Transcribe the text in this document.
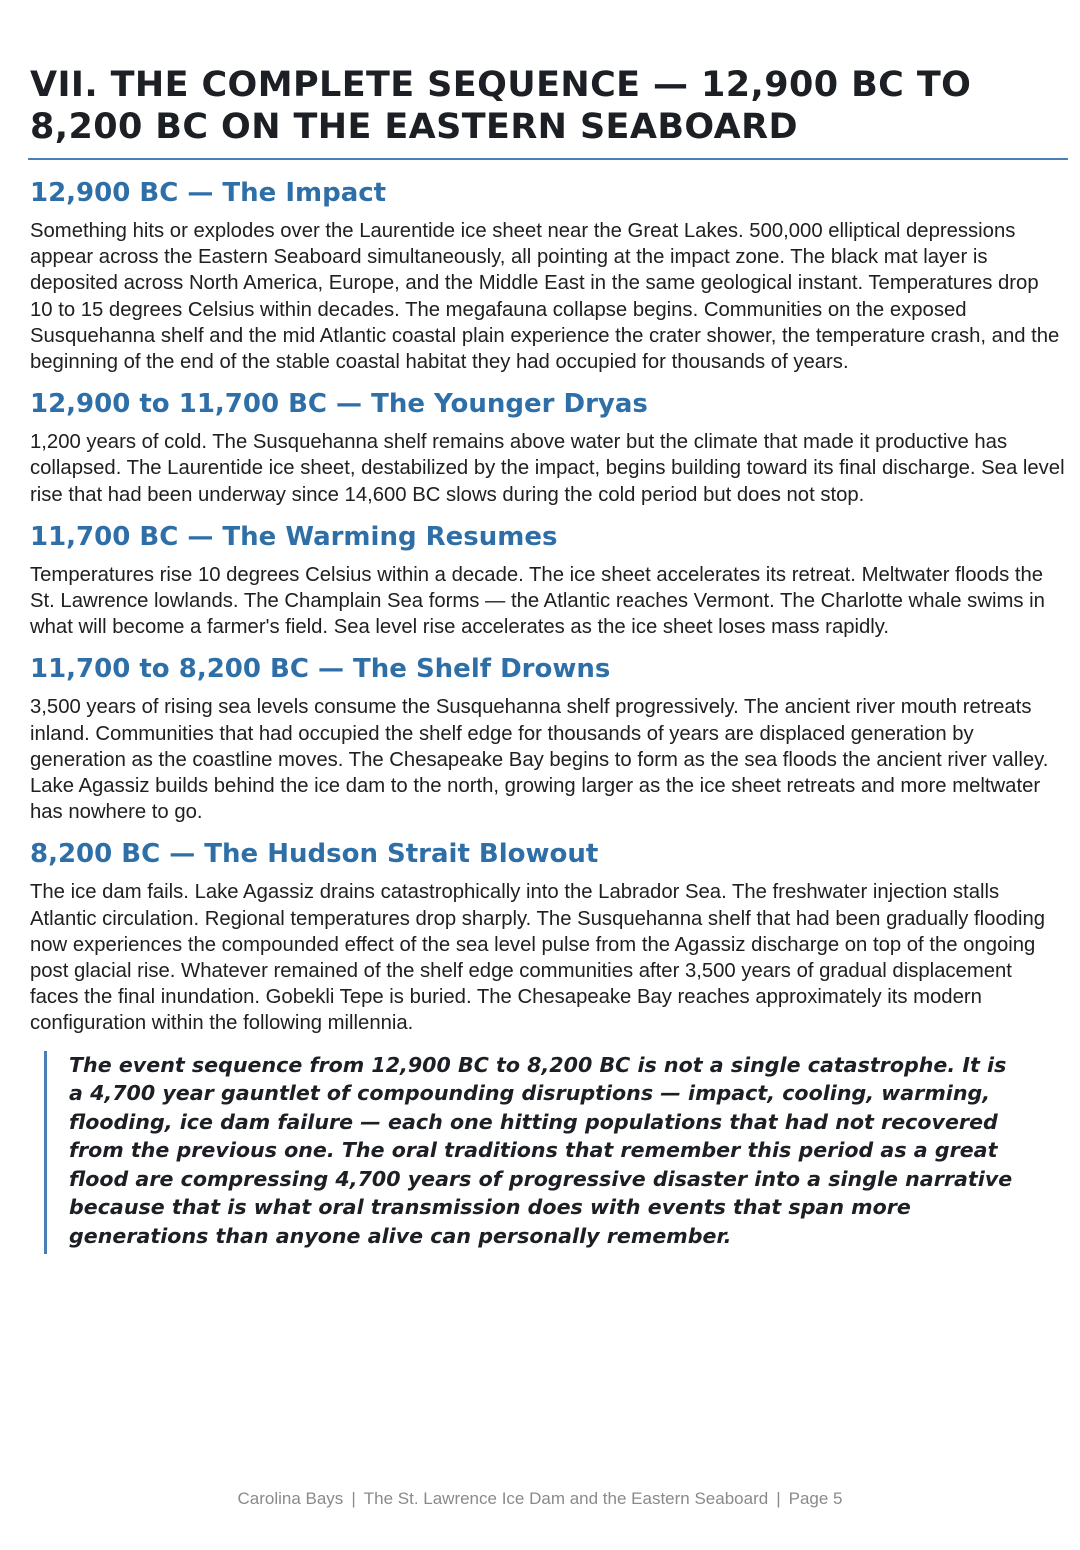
VII. THE COMPLETE SEQUENCE — 12,900 BC TO 8,200 BC ON THE EASTERN SEABOARD
12,900 BC — The Impact

Something hits or explodes over the Laurentide ice sheet near the Great Lakes. 500,000 elliptical depressions appear across the Eastern Seaboard simultaneously, all pointing at the impact zone. The black mat layer is deposited across North America, Europe, and the Middle East in the same geological instant. Temperatures drop 10 to 15 degrees Celsius within decades. The megafauna collapse begins. Communities on the exposed Susquehanna shelf and the mid Atlantic coastal plain experience the crater shower, the temperature crash, and the beginning of the end of the stable coastal habitat they had occupied for thousands of years.

12,900 to 11,700 BC — The Younger Dryas

1,200 years of cold. The Susquehanna shelf remains above water but the climate that made it productive has collapsed. The Laurentide ice sheet, destabilized by the impact, begins building toward its final discharge. Sea level rise that had been underway since 14,600 BC slows during the cold period but does not stop.

11,700 BC — The Warming Resumes

Temperatures rise 10 degrees Celsius within a decade. The ice sheet accelerates its retreat. Meltwater floods the St. Lawrence lowlands. The Champlain Sea forms — the Atlantic reaches Vermont. The Charlotte whale swims in what will become a farmer's field. Sea level rise accelerates as the ice sheet loses mass rapidly.

11,700 to 8,200 BC — The Shelf Drowns

3,500 years of rising sea levels consume the Susquehanna shelf progressively. The ancient river mouth retreats inland. Communities that had occupied the shelf edge for thousands of years are displaced generation by generation as the coastline moves. The Chesapeake Bay begins to form as the sea floods the ancient river valley. Lake Agassiz builds behind the ice dam to the north, growing larger as the ice sheet retreats and more meltwater has nowhere to go.

8,200 BC — The Hudson Strait Blowout

The ice dam fails. Lake Agassiz drains catastrophically into the Labrador Sea. The freshwater injection stalls Atlantic circulation. Regional temperatures drop sharply. The Susquehanna shelf that had been gradually flooding now experiences the compounded effect of the sea level pulse from the Agassiz discharge on top of the ongoing post glacial rise. Whatever remained of the shelf edge communities after 3,500 years of gradual displacement faces the final inundation. Gobekli Tepe is buried. The Chesapeake Bay reaches approximately its modern configuration within the following millennia.

The event sequence from 12,900 BC to 8,200 BC is not a single catastrophe. It is a 4,700 year gauntlet of compounding disruptions — impact, cooling, warming, flooding, ice dam failure — each one hitting populations that had not recovered from the previous one. The oral traditions that remember this period as a great flood are compressing 4,700 years of progressive disaster into a single narrative because that is what oral transmission does with events that span more generations than anyone alive can personally remember.

Carolina Bays | The St. Lawrence Ice Dam and the Eastern Seaboard | Page 5
